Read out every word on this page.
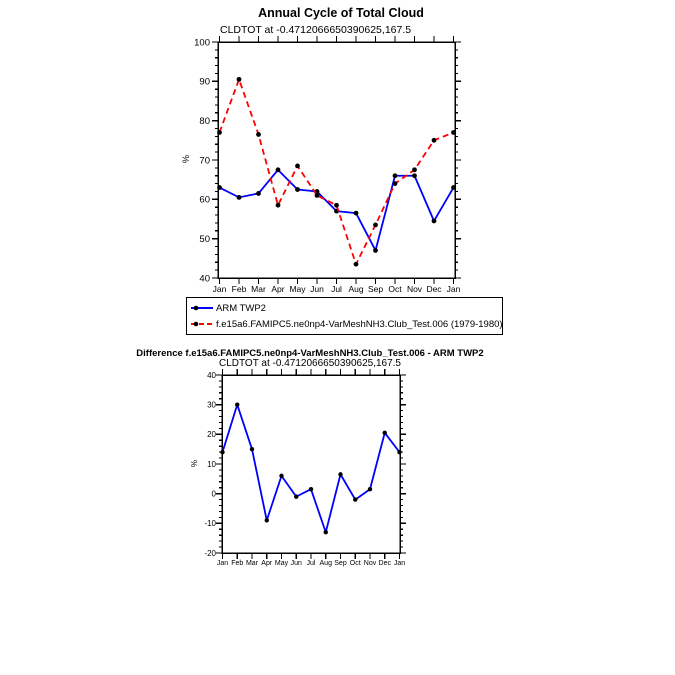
40
50
60
70
80
90
100
Jan Feb Mar Apr May Jun Jul Aug Sep Oct Nov Dec Jan
-20
-10
0
10
20
30
40
Jan Feb Mar Apr May Jun Jul Aug Sep Oct Nov Dec Jan
Annual Cycle of Total Cloud
CLDTOT at -0.4712066650390625,167.5
%
ARM TWP2
f.e15a6.FAMIPC5.ne0np4-VarMeshNH3.Club_Test.006 (1979-1980)
Difference f.e15a6.FAMIPC5.ne0np4-VarMeshNH3.Club_Test.006 - ARM TWP2
CLDTOT at -0.4712066650390625,167.5
%
